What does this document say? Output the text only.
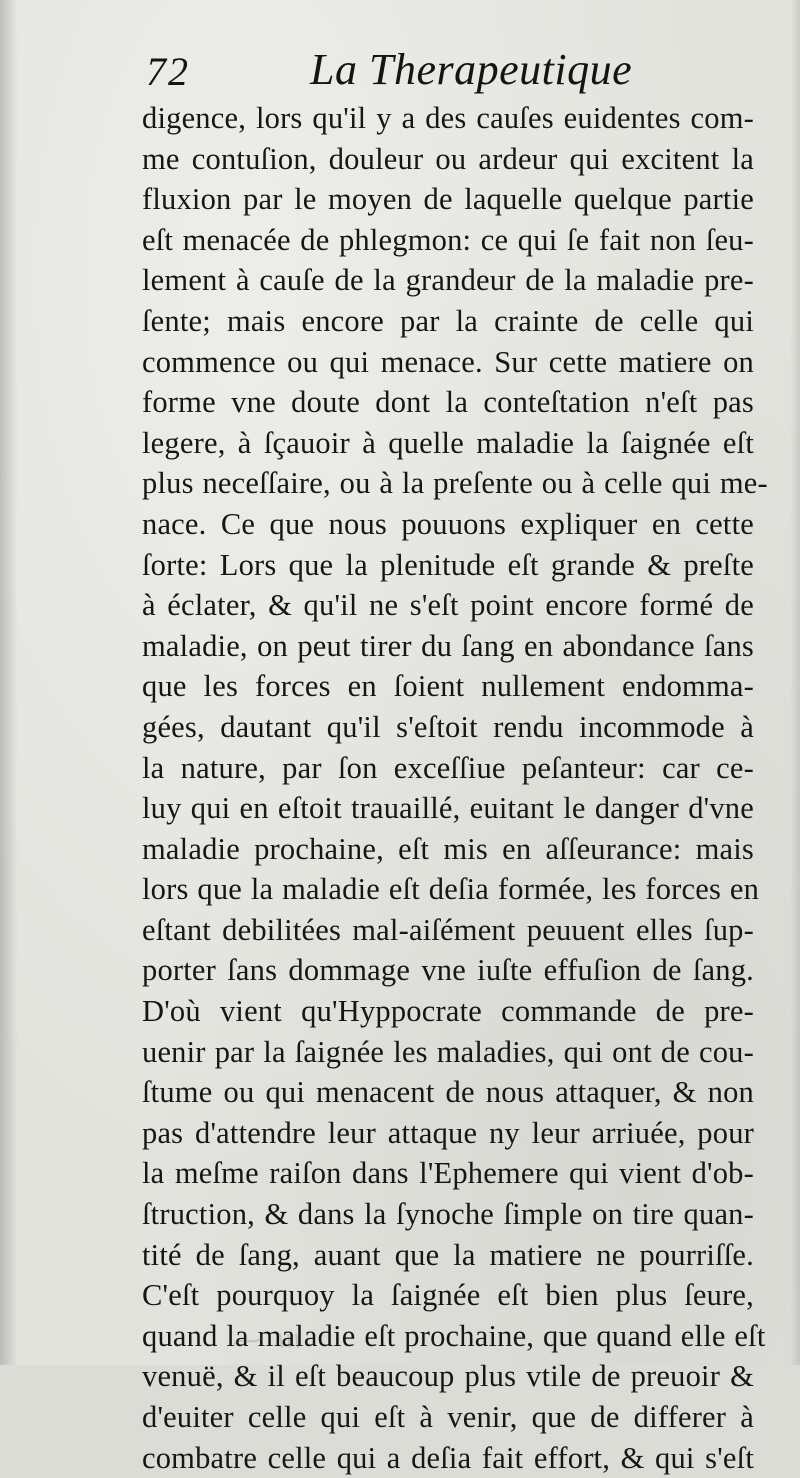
72	La Therapeutique
digence, lors qu'il y a des cauſes euidentes com-
me contuſion, douleur ou ardeur qui excitent la
fluxion par le moyen de laquelle quelque partie
eſt menacée de phlegmon: ce qui ſe fait non ſeu-
lement à cauſe de la grandeur de la maladie pre-
ſente; mais encore par la crainte de celle qui
commence ou qui menace. Sur cette matiere on
forme vne doute dont la conteſtation n'eſt pas
legere, à ſçauoir à quelle maladie la ſaignée eſt
plus neceſſaire, ou à la preſente ou à celle qui me-
nace. Ce que nous pouuons expliquer en cette
ſorte: Lors que la plenitude eſt grande & preſte
à éclater, & qu'il ne s'eſt point encore formé de
maladie, on peut tirer du ſang en abondance ſans
que les forces en ſoient nullement endomma-
gées, dautant qu'il s'eſtoit rendu incommode à
la nature, par ſon exceſſiue peſanteur: car ce-
luy qui en eſtoit trauaillé, euitant le danger d'vne
maladie prochaine, eſt mis en aſſeurance: mais
lors que la maladie eſt deſia formée, les forces en
eſtant debilitées mal-aiſément peuuent elles ſup-
porter ſans dommage vne iuſte effuſion de ſang.
D'où vient qu'Hyppocrate commande de pre-
uenir par la ſaignée les maladies, qui ont de cou-
ſtume ou qui menacent de nous attaquer, & non
pas d'attendre leur attaque ny leur arriuée, pour
la meſme raiſon dans l'Ephemere qui vient d'ob-
ſtruction, & dans la ſynoche ſimple on tire quan-
tité de ſang, auant que la matiere ne pourriſſe.
C'eſt pourquoy la ſaignée eſt bien plus ſeure,
quand la maladie eſt prochaine, que quand elle eſt
venuë, & il eſt beaucoup plus vtile de preuoir &
d'euiter celle qui eſt à venir, que de differer à
combatre celle qui a deſia fait effort, & qui s'eſt
